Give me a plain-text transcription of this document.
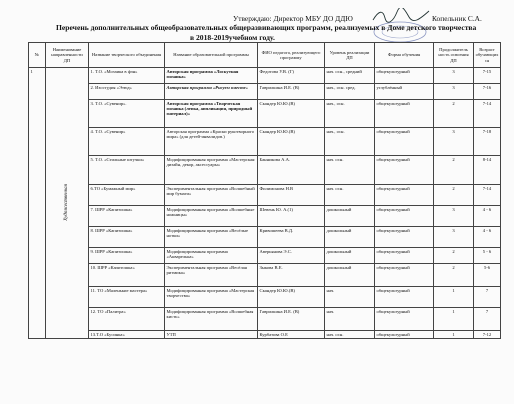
Утверждаю: Директор МБУ ДО ДДЮ	Копельник С.А.
Перечень дополнительных общеобразовательных общеразвивающих программ, реализуемых в Доме детского творчества
в 2018-2019учебном году.
№	Наименование направленности ДП	Название творческого объединения	Название образовательной программы	ФИО педагога, реализующего программу	Уровень реализации ДП	Форма обучения	Продолжитель ность освоения ДП	Возраст обучающихся
1	Художественная	1. Т.О. «Мозаика в фэн»	Авторская программа «Лоскутная мозаика»	Федотова У.В. (Г)	нач. осн., средний	общекультурный	3	7-15
		2. Изостудия «Этюд»	Авторская программа «Рисуем вместе»	Гаврилкина И.Е. (В)	нач., осн. сред.	углублённый	3	7-16
		3. Т.О. «Сувенир».	Авторская программа «Творческая мозаика (лепка, аппликация, природный материал)»	Скандер Ю.Ю.(В)	нач., осн.	общекультурный	2	7-14
		4. Т.О. «Сувенир»	Авторская программа «Краски рукотворного мира» (для детей-инвалидов.)	Скандер Ю.Ю.(В)	нач., осн.	общекультурный	3	7-18
		5. Т.О. «Стильные штучки»	Модифицированная программа «Мастерская: дизайн, декор, аксессуары»	Банникова А.А.	нач. осн.	общекультурный	2	8-14
		6.ТО «Бумажный мир»	Экспериментальная программа «Волшебный мир бумаги»	Филимонова Н.В	нач. осн.	общекультурный	2	7-14
		7. ШРР «Капитошка»	Модифицированная программа «Волшебные ножницы»	Шевень Ю. А.(1)	дошкольный	общекультурный	3	4 - 6
		8. ШРР «Капитошка»	Модифицированная программа «Весёлые нотки»	Кривошеева В.Д.	дошкольный	общекультурный	3	4 - 6
		9. ШРР «Капитошка»	Модифицированная программа «Акварелька»	Аверьянова Э.С.	дошкольный	общекультурный	2	5 - 6
		10. ШРР «Капитошка»	Экспериментальная программа «Весёлая ритмика»	Зыкова В.Е.	дошкольный	общекультурный	2	5-6
		11. ТО «Маленькие мастера»	Модифицированная программа «Мастерская творчества»	Скандер Ю.Ю.(В)	нач.	общекультурный	1	7
		12. ТО «Палитра»	Модифицированная программа «Волшебная кисть»	Гаврилкина И.Е. (В)	нач.	общекультурный	1	7
		13.Т.О «Бусинка»	УТП	Курбатова О.Е	нач. осн.	общекультурный	1	7-12
